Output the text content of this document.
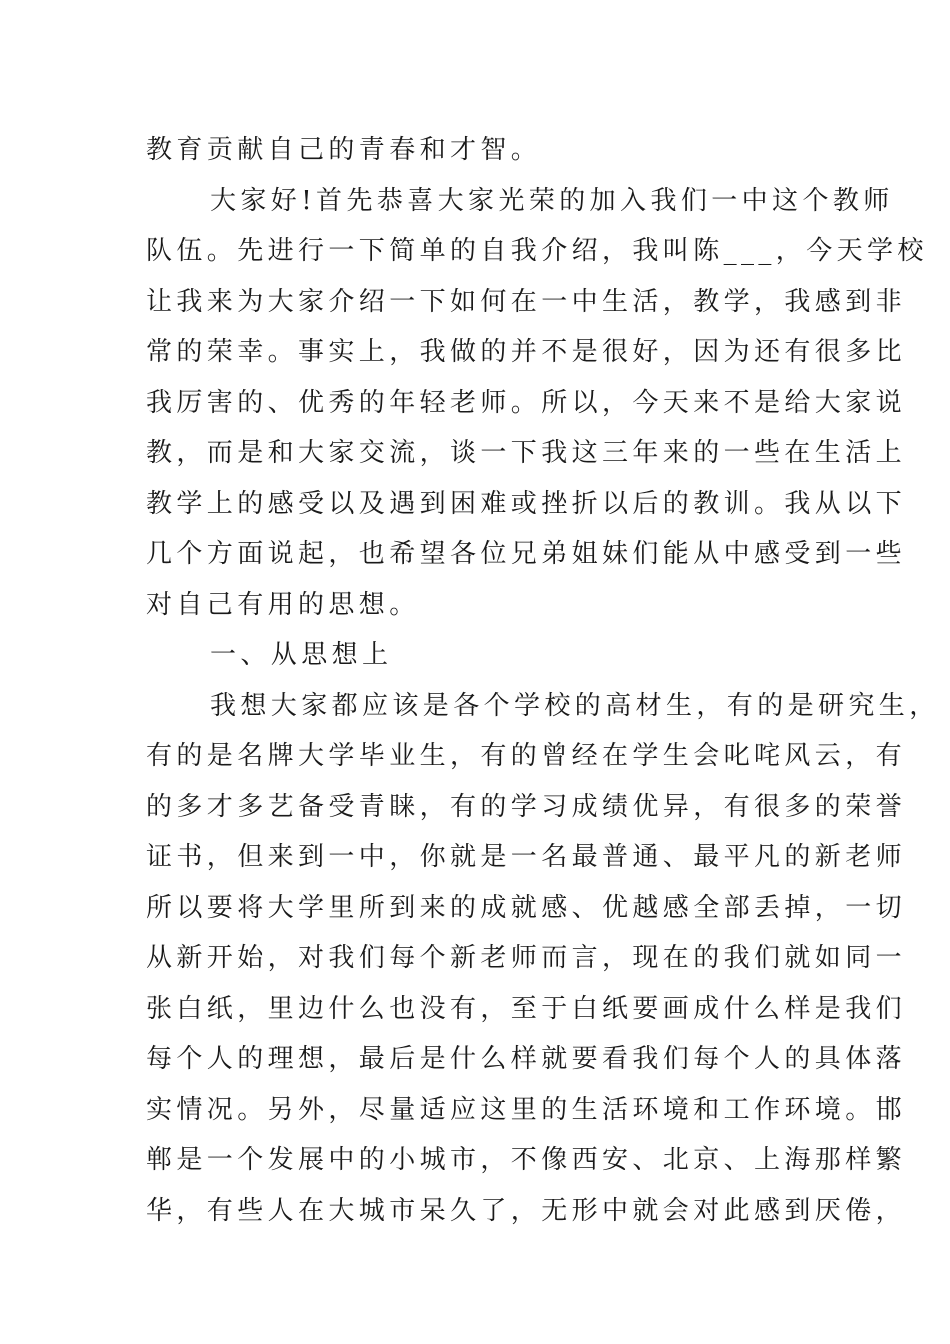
教育贡献自己的青春和才智。
大家好!首先恭喜大家光荣的加入我们一中这个教师
队伍。先进行一下简单的自我介绍，我叫陈___，今天学校
让我来为大家介绍一下如何在一中生活，教学，我感到非
常的荣幸。事实上，我做的并不是很好，因为还有很多比
我厉害的、优秀的年轻老师。所以，今天来不是给大家说
教，而是和大家交流，谈一下我这三年来的一些在生活上
教学上的感受以及遇到困难或挫折以后的教训。我从以下
几个方面说起，也希望各位兄弟姐妹们能从中感受到一些
对自己有用的思想。
一、从思想上
我想大家都应该是各个学校的高材生，有的是研究生，
有的是名牌大学毕业生，有的曾经在学生会叱咤风云，有
的多才多艺备受青睐，有的学习成绩优异，有很多的荣誉
证书，但来到一中，你就是一名最普通、最平凡的新老师
所以要将大学里所到来的成就感、优越感全部丢掉，一切
从新开始，对我们每个新老师而言，现在的我们就如同一
张白纸，里边什么也没有，至于白纸要画成什么样是我们
每个人的理想，最后是什么样就要看我们每个人的具体落
实情况。另外，尽量适应这里的生活环境和工作环境。邯
郸是一个发展中的小城市，不像西安、北京、上海那样繁
华，有些人在大城市呆久了，无形中就会对此感到厌倦，
